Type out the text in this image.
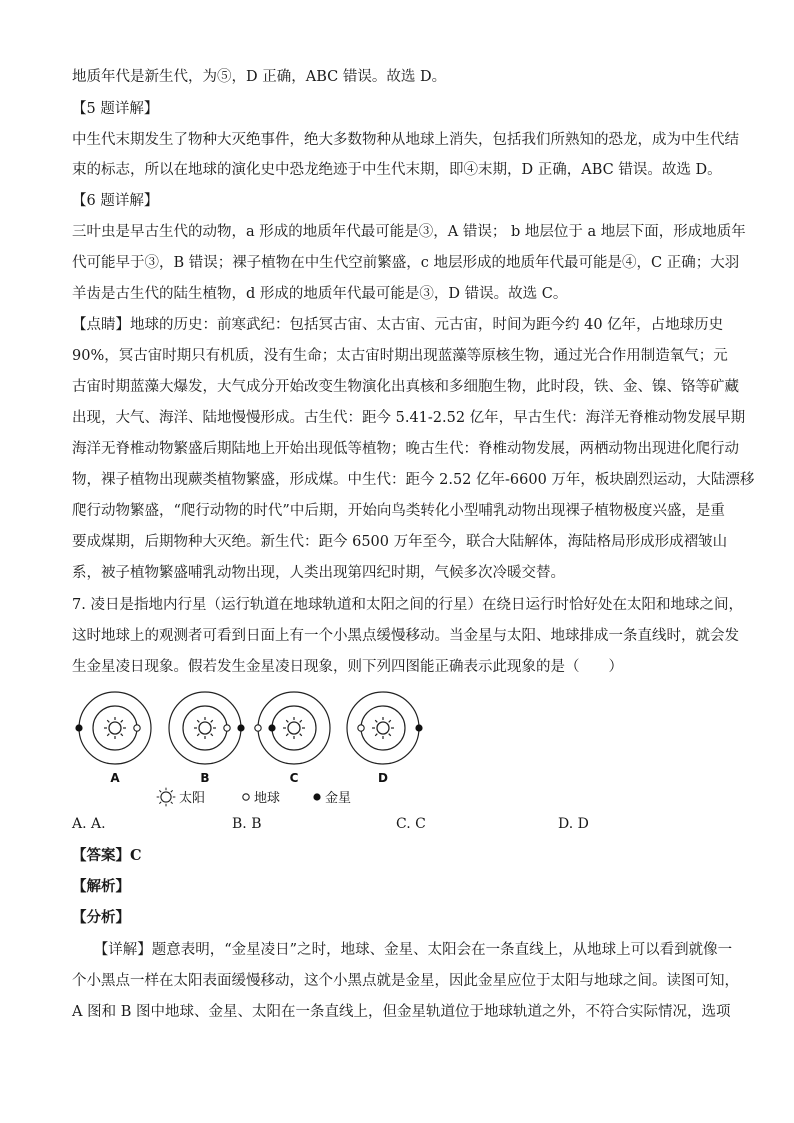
地质年代是新生代，为⑤，D 正确，ABC 错误。故选 D。
【5 题详解】
中生代末期发生了物种大灭绝事件，绝大多数物种从地球上消失，包括我们所熟知的恐龙，成为中生代结
束的标志，所以在地球的演化史中恐龙绝迹于中生代末期，即④末期，D 正确，ABC 错误。故选 D。
【6 题详解】
三叶虫是早古生代的动物，a 形成的地质年代最可能是③，A 错误； b 地层位于 a 地层下面，形成地质年
代可能早于③，B 错误；裸子植物在中生代空前繁盛，c 地层形成的地质年代最可能是④，C 正确；大羽
羊齿是古生代的陆生植物，d 形成的地质年代最可能是③，D 错误。故选 C。
【点睛】地球的历史：前寒武纪：包括冥古宙、太古宙、元古宙，时间为距今约 40 亿年，占地球历史
90%，冥古宙时期只有机质，没有生命；太古宙时期出现蓝藻等原核生物，通过光合作用制造氧气；元
古宙时期蓝藻大爆发，大气成分开始改变生物演化出真核和多细胞生物，此时段，铁、金、镍、铬等矿藏
出现，大气、海洋、陆地慢慢形成。古生代：距今 5.41-2.52 亿年，早古生代：海洋无脊椎动物发展早期
海洋无脊椎动物繁盛后期陆地上开始出现低等植物；晚古生代：脊椎动物发展，两栖动物出现进化爬行动
物，裸子植物出现蕨类植物繁盛，形成煤。中生代：距今 2.52 亿年-6600 万年，板块剧烈运动，大陆漂移
爬行动物繁盛，“爬行动物的时代”中后期，开始向鸟类转化小型哺乳动物出现裸子植物极度兴盛，是重
要成煤期，后期物种大灭绝。新生代：距今 6500 万年至今，联合大陆解体，海陆格局形成形成褶皱山
系，被子植物繁盛哺乳动物出现，人类出现第四纪时期，气候多次冷暖交替。
7. 凌日是指地内行星（运行轨道在地球轨道和太阳之间的行星）在绕日运行时恰好处在太阳和地球之间，
这时地球上的观测者可看到日面上有一个小黑点缓慢移动。当金星与太阳、地球排成一条直线时，就会发
生金星凌日现象。假若发生金星凌日现象，则下列四图能正确表示此现象的是（　　）
A	B	C	D
太阳	地球	金星
A. A.	B. B	C. C	D. D
【答案】C
【解析】
【分析】
　　【详解】题意表明，“金星凌日”之时，地球、金星、太阳会在一条直线上，从地球上可以看到就像一
个小黑点一样在太阳表面缓慢移动，这个小黑点就是金星，因此金星应位于太阳与地球之间。读图可知，
A 图和 B 图中地球、金星、太阳在一条直线上，但金星轨道位于地球轨道之外，不符合实际情况，选项
